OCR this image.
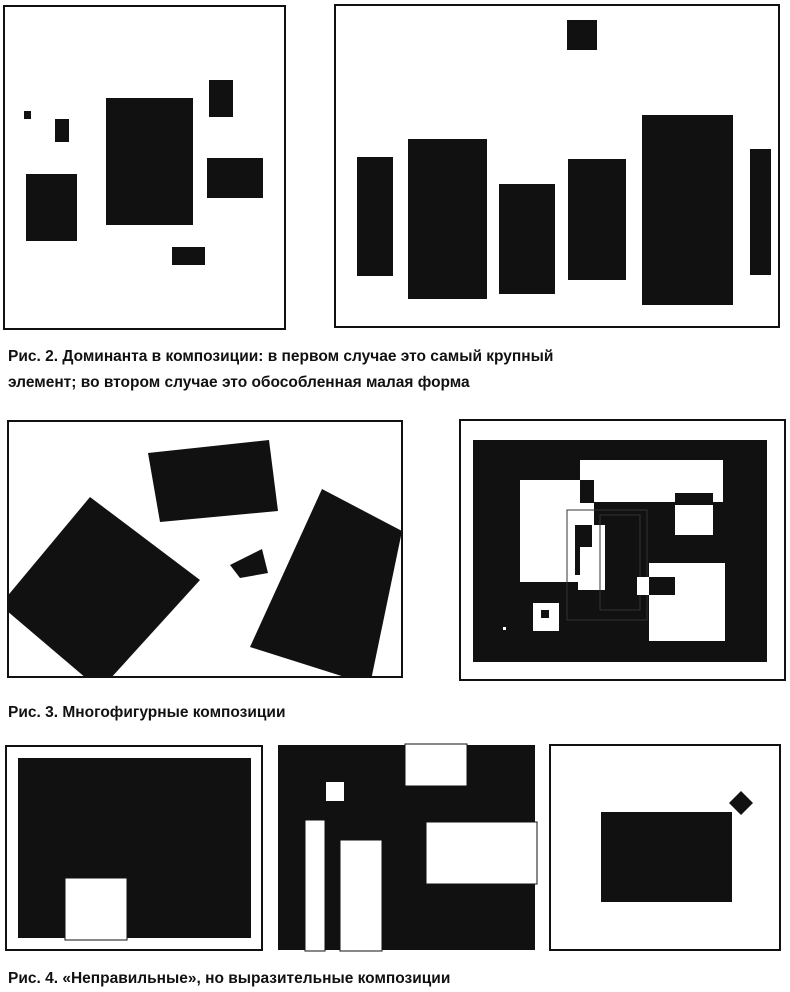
Рис. 2. Доминанта в композиции: в первом случае это самый крупный
элемент; во втором случае это обособленная малая форма
Рис. 3. Многофигурные композиции
Рис. 4. «Неправильные», но выразительные композиции
